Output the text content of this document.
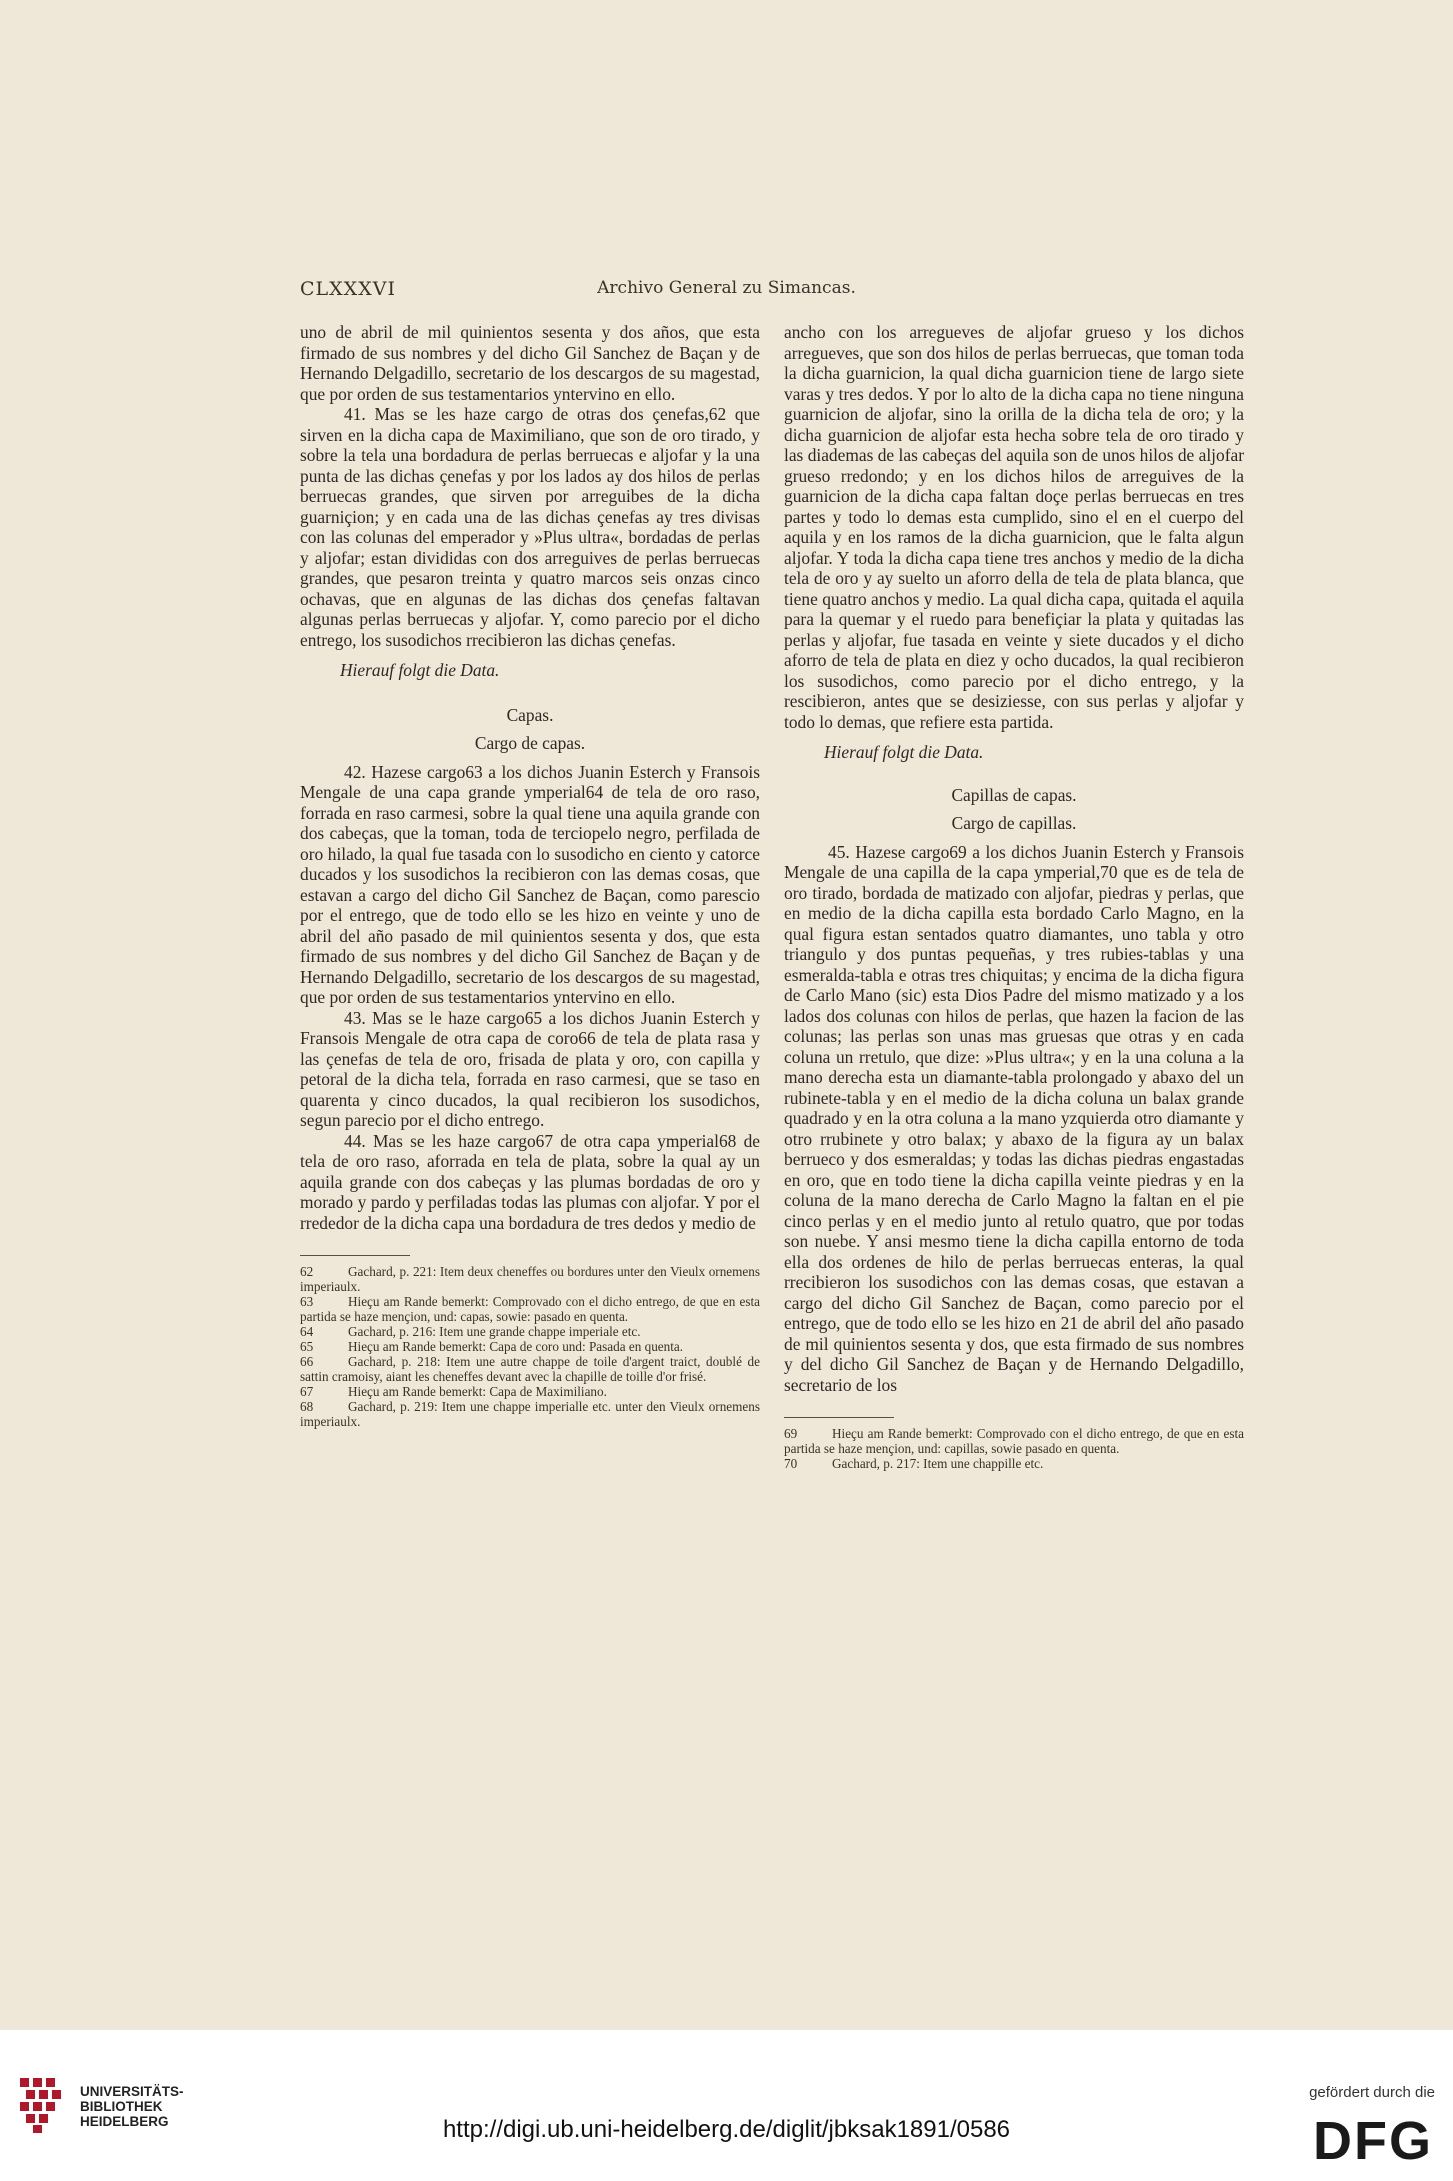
CLXXXVI	Archivo General zu Simancas.

uno de abril de mil quinientos sesenta y dos años, que esta firmado de sus nombres y del dicho Gil Sanchez de Baçan y de Hernando Delgadillo, secretario de los descargos de su magestad, que por orden de sus testamentarios yntervino en ello.

41. Mas se les haze cargo de otras dos çenefas,62 que sirven en la dicha capa de Maximiliano, que son de oro tirado, y sobre la tela una bordadura de perlas berruecas e aljofar y la una punta de las dichas çenefas y por los lados ay dos hilos de perlas berruecas grandes, que sirven por arreguibes de la dicha guarniçion; y en cada una de las dichas çenefas ay tres divisas con las colunas del emperador y »Plus ultra«, bordadas de perlas y aljofar; estan divididas con dos arreguives de perlas berruecas grandes, que pesaron treinta y quatro marcos seis onzas cinco ochavas, que en algunas de las dichas dos çenefas faltavan algunas perlas berruecas y aljofar. Y, como parecio por el dicho entrego, los susodichos rrecibieron las dichas çenefas.

Hierauf folgt die Data.

Capas.

Cargo de capas.

42. Hazese cargo63 a los dichos Juanin Esterch y Fransois Mengale de una capa grande ymperial64 de tela de oro raso, forrada en raso carmesi, sobre la qual tiene una aquila grande con dos cabeças, que la toman, toda de terciopelo negro, perfilada de oro hilado, la qual fue tasada con lo susodicho en ciento y catorce ducados y los susodichos la recibieron con las demas cosas, que estavan a cargo del dicho Gil Sanchez de Baçan, como parescio por el entrego, que de todo ello se les hizo en veinte y uno de abril del año pasado de mil quinientos sesenta y dos, que esta firmado de sus nombres y del dicho Gil Sanchez de Baçan y de Hernando Delgadillo, secretario de los descargos de su magestad, que por orden de sus testamentarios yntervino en ello.

43. Mas se le haze cargo65 a los dichos Juanin Esterch y Fransois Mengale de otra capa de coro66 de tela de plata rasa y las çenefas de tela de oro, frisada de plata y oro, con capilla y petoral de la dicha tela, forrada en raso carmesi, que se taso en quarenta y cinco ducados, la qual recibieron los susodichos, segun parecio por el dicho entrego.

44. Mas se les haze cargo67 de otra capa ymperial68 de tela de oro raso, aforrada en tela de plata, sobre la qual ay un aquila grande con dos cabeças y las plumas bordadas de oro y morado y pardo y perfiladas todas las plumas con aljofar. Y por el rrededor de la dicha capa una bordadura de tres dedos y medio de

62	Gachard, p. 221: Item deux cheneffes ou bordures unter den Vieulx ornemens imperiaulx.

63	Hieҫu am Rande bemerkt: Comprovado con el dicho entrego, de que en esta partida se haze menҫion, und: capas, sowie: pasado en quenta.

64	Gachard, p. 216: Item une grande chappe imperiale etc.

65	Hieҫu am Rande bemerkt: Capa de coro und: Pasada en quenta.

66	Gachard, p. 218: Item une autre chappe de toile d'argent traict, doublé de sattin cramoisy, aiant les cheneffes devant avec la chapille de toille d'or frisé.

67	Hieҫu am Rande bemerkt: Capa de Maximiliano.

68	Gachard, p. 219: Item une chappe imperialle etc. unter den Vieulx ornemens imperiaulx.

ancho con los arregueves de aljofar grueso y los dichos arregueves, que son dos hilos de perlas berruecas, que toman toda la dicha guarnicion, la qual dicha guarnicion tiene de largo siete varas y tres dedos. Y por lo alto de la dicha capa no tiene ninguna guarnicion de aljofar, sino la orilla de la dicha tela de oro; y la dicha guarnicion de aljofar esta hecha sobre tela de oro tirado y las diademas de las cabeҫas del aquila son de unos hilos de aljofar grueso rredondo; y en los dichos hilos de arreguives de la guarnicion de la dicha capa faltan doҫe perlas berruecas en tres partes y todo lo demas esta cumplido, sino el en el cuerpo del aquila y en los ramos de la dicha guarnicion, que le falta algun aljofar. Y toda la dicha capa tiene tres anchos y medio de la dicha tela de oro y ay suelto un aforro della de tela de plata blanca, que tiene quatro anchos y medio. La qual dicha capa, quitada el aquila para la quemar y el ruedo para benefiҫiar la plata y quitadas las perlas y aljofar, fue tasada en veinte y siete ducados y el dicho aforro de tela de plata en diez y ocho ducados, la qual recibieron los susodichos, como parecio por el dicho entrego, y la rescibieron, antes que se desiziesse, con sus perlas y aljofar y todo lo demas, que refiere esta partida.

Hierauf folgt die Data.

Capillas de capas.

Cargo de capillas.

45. Hazese cargo69 a los dichos Juanin Esterch y Fransois Mengale de una capilla de la capa ymperial,70 que es de tela de oro tirado, bordada de matizado con aljofar, piedras y perlas, que en medio de la dicha capilla esta bordado Carlo Magno, en la qual figura estan sentados quatro diamantes, uno tabla y otro triangulo y dos puntas pequeñas, y tres rubies-tablas y una esmeralda-tabla e otras tres chiquitas; y encima de la dicha figura de Carlo Mano (sic) esta Dios Padre del mismo matizado y a los lados dos colunas con hilos de perlas, que hazen la facion de las colunas; las perlas son unas mas gruesas que otras y en cada coluna un rretulo, que dize: »Plus ultra«; y en la una coluna a la mano derecha esta un diamante-tabla prolongado y abaxo del un rubinete-tabla y en el medio de la dicha coluna un balax grande quadrado y en la otra coluna a la mano yzquierda otro diamante y otro rrubinete y otro balax; y abaxo de la figura ay un balax berrueco y dos esmeraldas; y todas las dichas piedras engastadas en oro, que en todo tiene la dicha capilla veinte piedras y en la coluna de la mano derecha de Carlo Magno la faltan en el pie cinco perlas y en el medio junto al retulo quatro, que por todas son nuebe. Y ansi mesmo tiene la dicha capilla entorno de toda ella dos ordenes de hilo de perlas berruecas enteras, la qual rrecibieron los susodichos con las demas cosas, que estavan a cargo del dicho Gil Sanchez de Baҫan, como parecio por el entrego, que de todo ello se les hizo en 21 de abril del año pasado de mil quinientos sesenta y dos, que esta firmado de sus nombres y del dicho Gil Sanchez de Baҫan y de Hernando Delgadillo, secretario de los

69	Hieҫu am Rande bemerkt: Comprovado con el dicho entrego, de que en esta partida se haze menҫion, und: capillas, sowie pasado en quenta.

70	Gachard, p. 217: Item une chappille etc.

UNIVERSITÄTS-
BIBLIOTHEK
HEIDELBERG	http://digi.ub.uni-heidelberg.de/diglit/jbksak1891/0586
gefördert durch die
DFG
